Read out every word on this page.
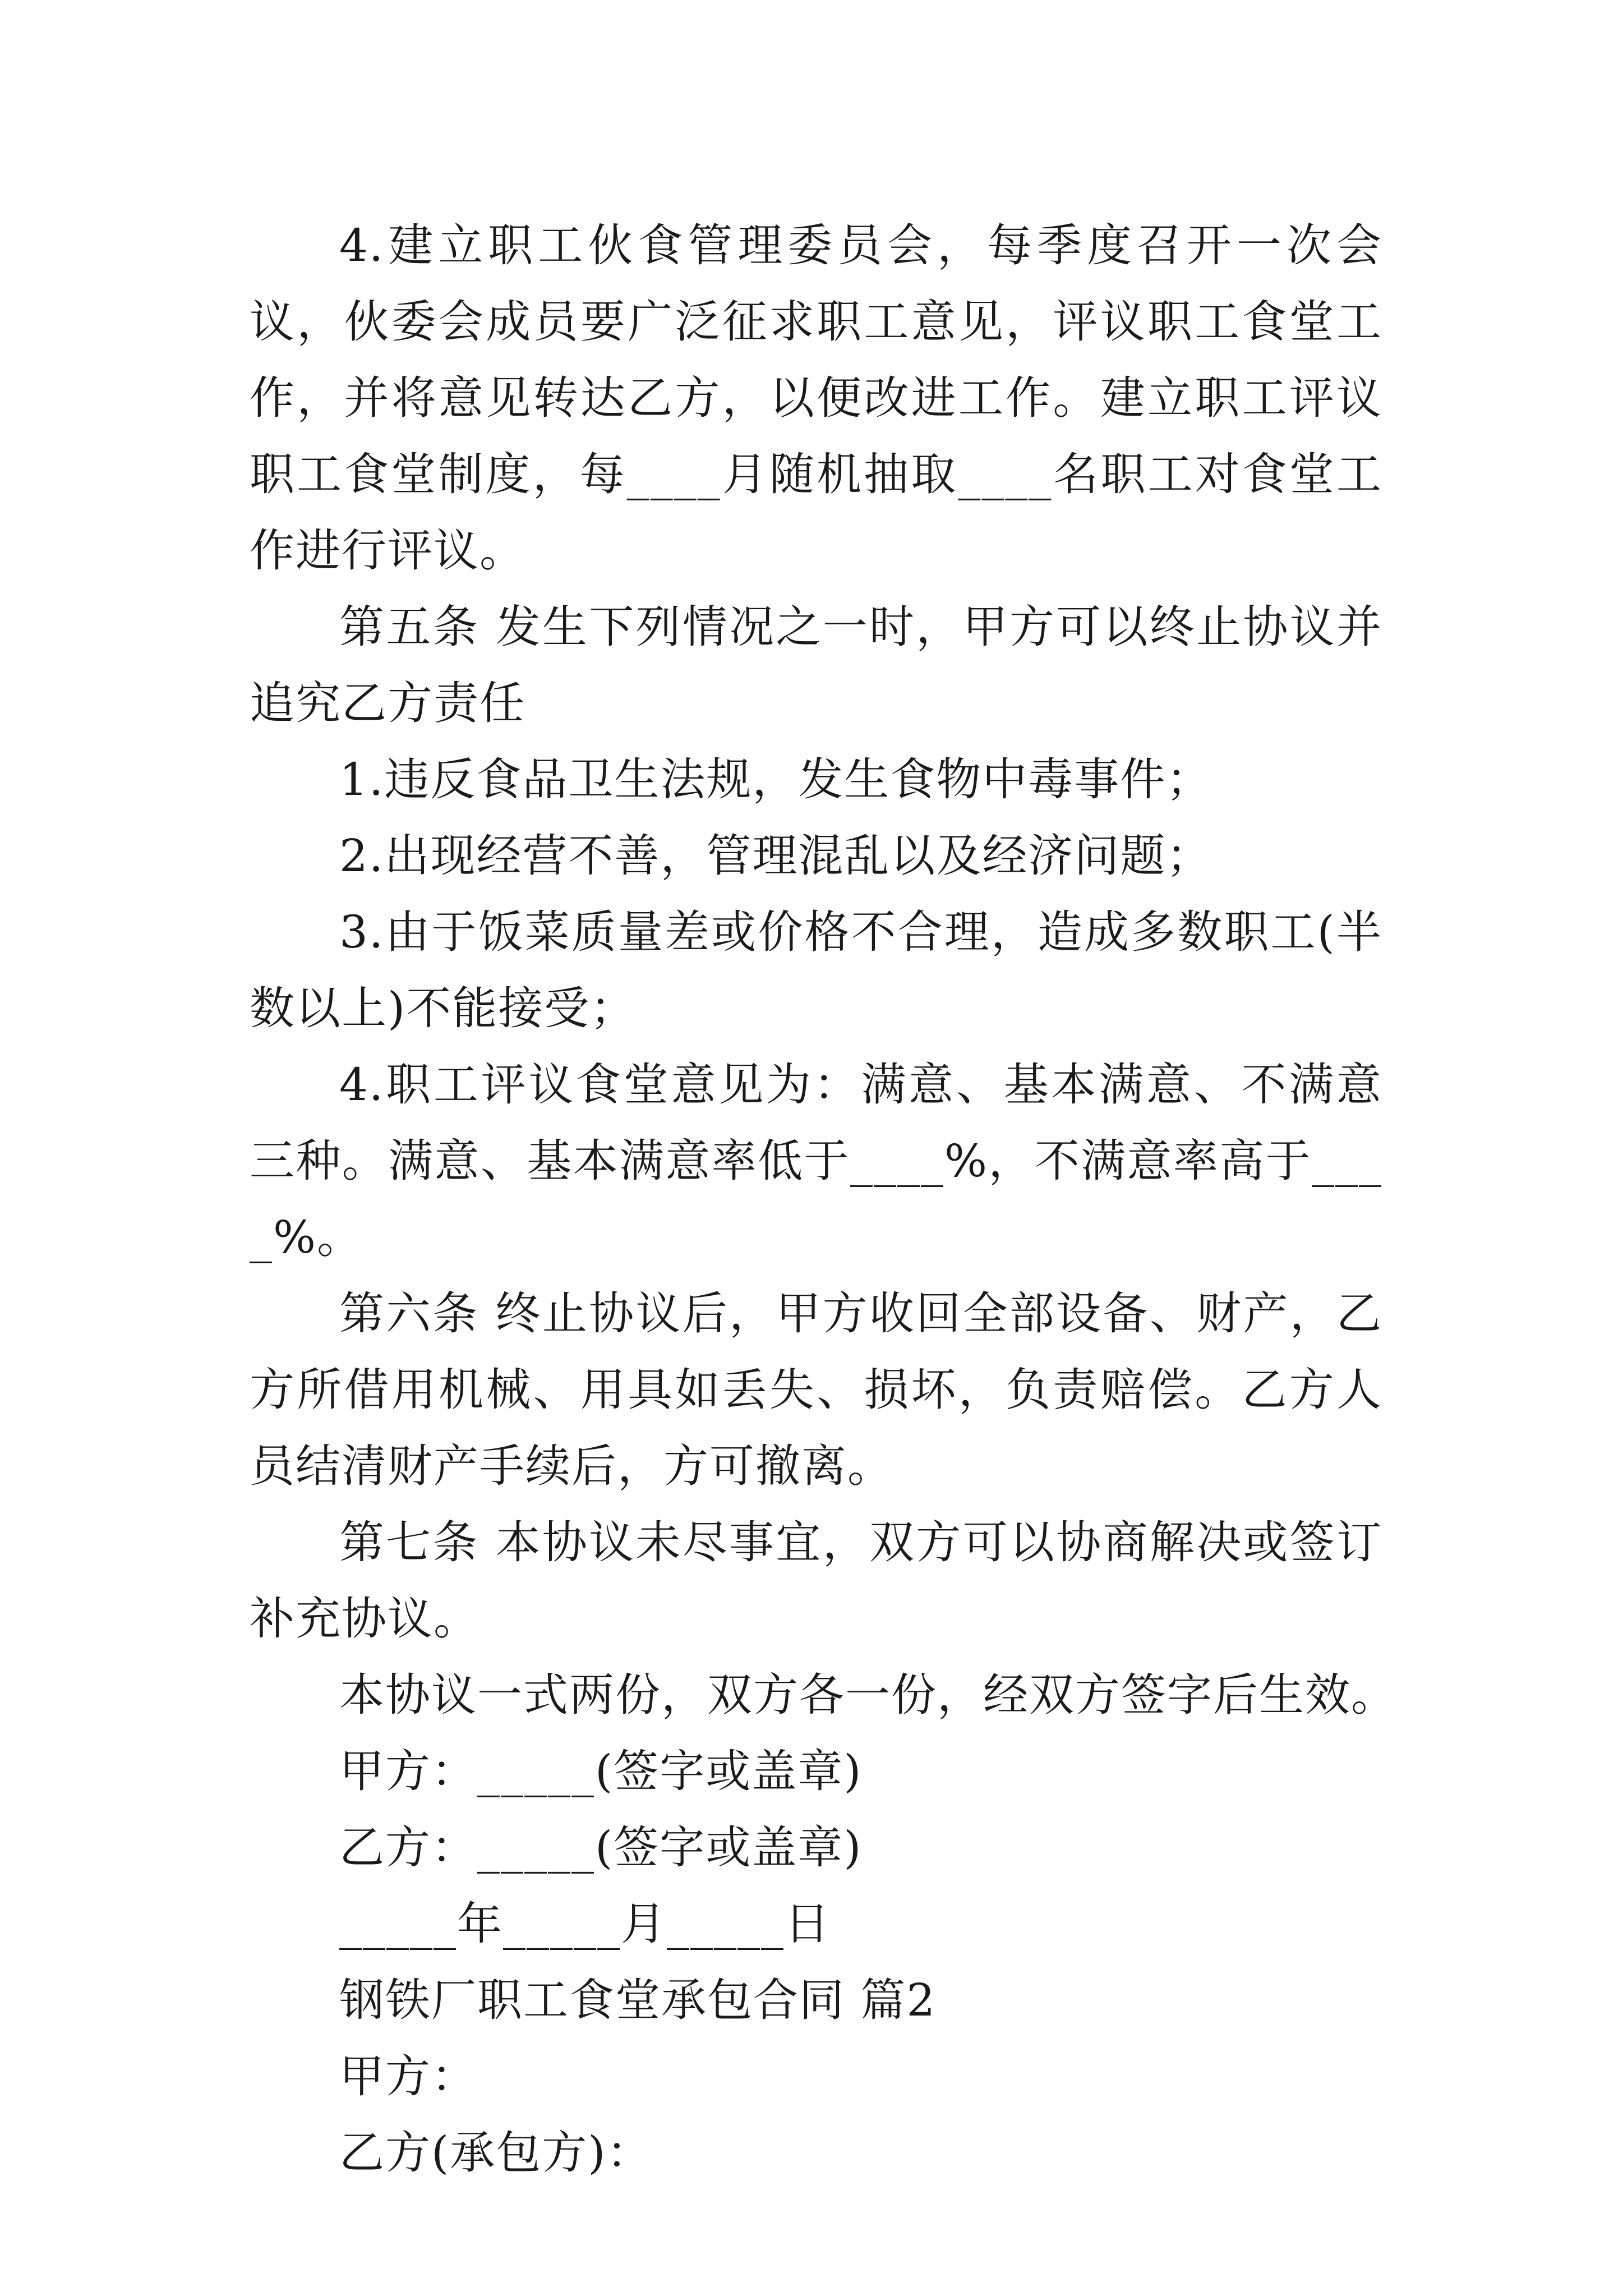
4.建立职工伙食管理委员会，每季度召开一次会议，伙委会成员要广泛征求职工意见，评议职工食堂工作，并将意见转达乙方，以便改进工作。建立职工评议职工食堂制度，每____月随机抽取____名职工对食堂工作进行评议。

第五条 发生下列情况之一时，甲方可以终止协议并追究乙方责任

1.违反食品卫生法规，发生食物中毒事件；

2.出现经营不善，管理混乱以及经济问题；

3.由于饭菜质量差或价格不合理，造成多数职工(半数以上)不能接受；

4.职工评议食堂意见为：满意、基本满意、不满意三种。满意、基本满意率低于____%，不满意率高于____%。

第六条 终止协议后，甲方收回全部设备、财产，乙方所借用机械、用具如丢失、损坏，负责赔偿。乙方人员结清财产手续后，方可撤离。

第七条 本协议未尽事宜，双方可以协商解决或签订补充协议。

本协议一式两份，双方各一份，经双方签字后生效。

甲方：_____(签字或盖章)

乙方：_____(签字或盖章)

_____年_____月_____日

钢铁厂职工食堂承包合同 篇2

甲方：

乙方(承包方)：
